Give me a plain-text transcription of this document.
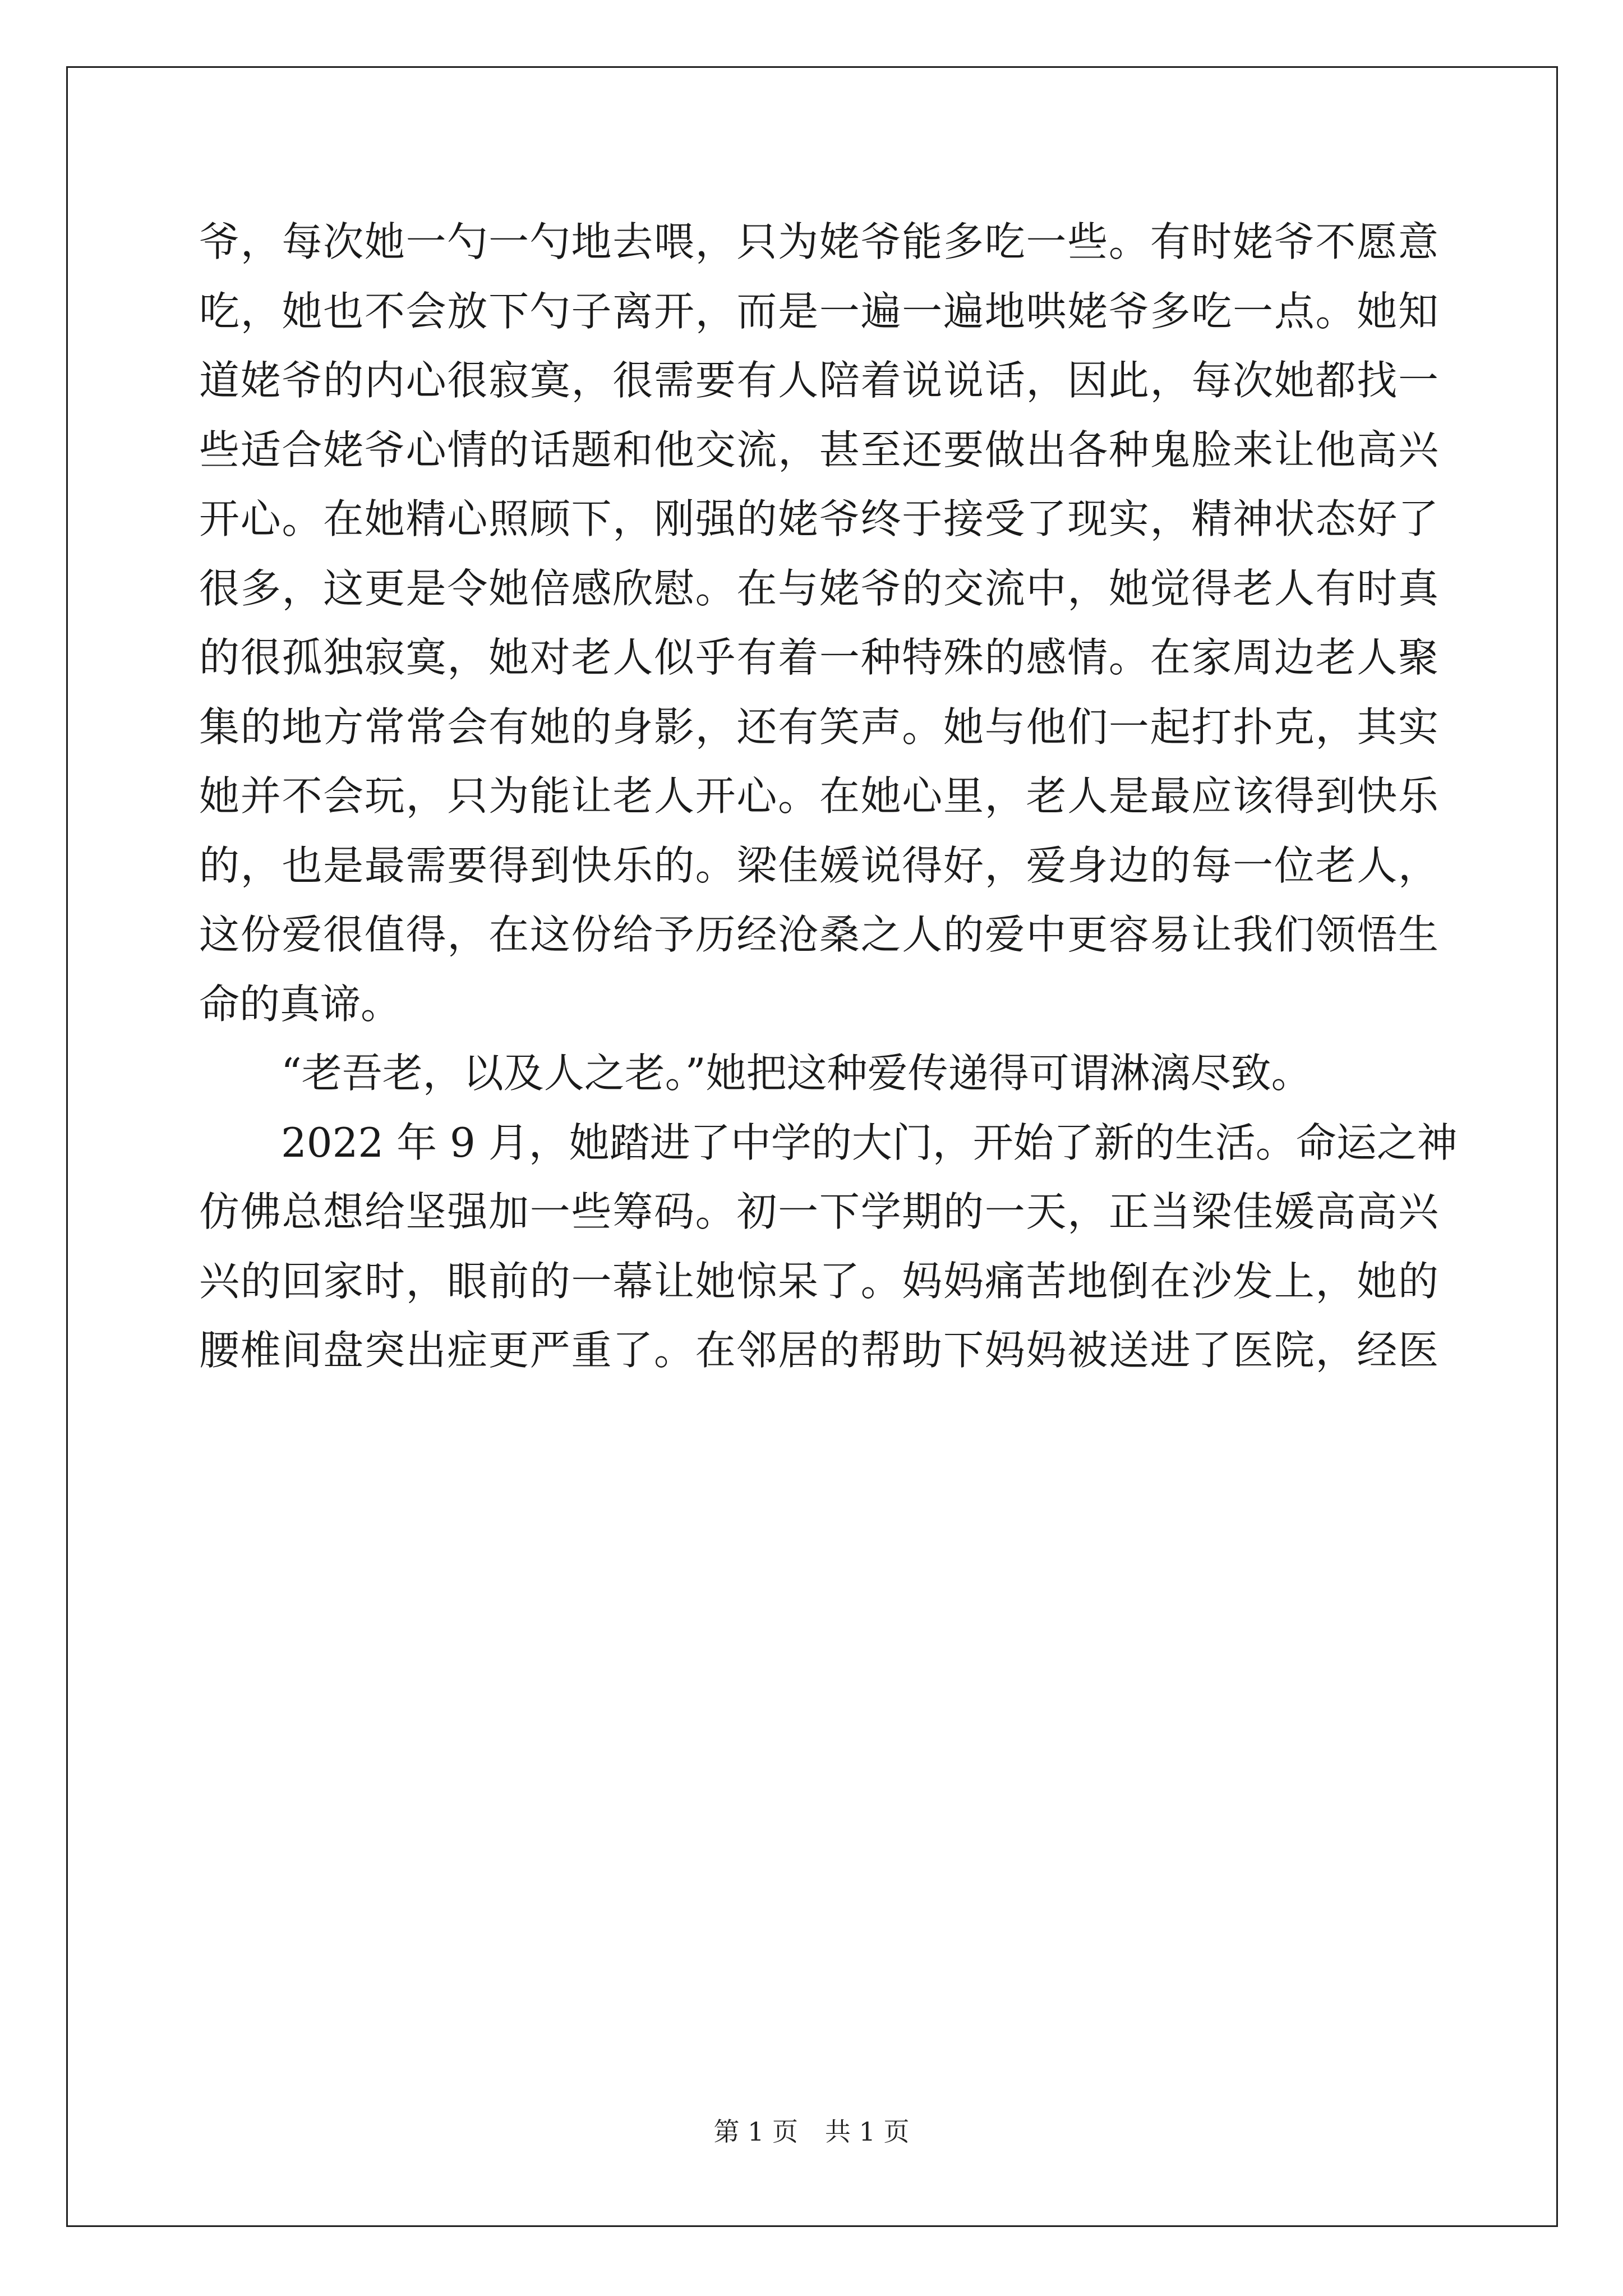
爷，每次她一勺一勺地去喂，只为姥爷能多吃一些。有时姥爷不愿意
吃，她也不会放下勺子离开，而是一遍一遍地哄姥爷多吃一点。她知
道姥爷的内心很寂寞，很需要有人陪着说说话，因此，每次她都找一
些适合姥爷心情的话题和他交流，甚至还要做出各种鬼脸来让他高兴
开心。在她精心照顾下，刚强的姥爷终于接受了现实，精神状态好了
很多，这更是令她倍感欣慰。在与姥爷的交流中，她觉得老人有时真
的很孤独寂寞，她对老人似乎有着一种特殊的感情。在家周边老人聚
集的地方常常会有她的身影，还有笑声。她与他们一起打扑克，其实
她并不会玩，只为能让老人开心。在她心里，老人是最应该得到快乐
的，也是最需要得到快乐的。梁佳媛说得好，爱身边的每一位老人，
这份爱很值得，在这份给予历经沧桑之人的爱中更容易让我们领悟生
命的真谛。
“老吾老，以及人之老。”她把这种爱传递得可谓淋漓尽致。
2022 年 9 月，她踏进了中学的大门，开始了新的生活。命运之神
仿佛总想给坚强加一些筹码。初一下学期的一天，正当梁佳媛高高兴
兴的回家时，眼前的一幕让她惊呆了。妈妈痛苦地倒在沙发上，她的
腰椎间盘突出症更严重了。在邻居的帮助下妈妈被送进了医院，经医
第 1 页 共 1 页
